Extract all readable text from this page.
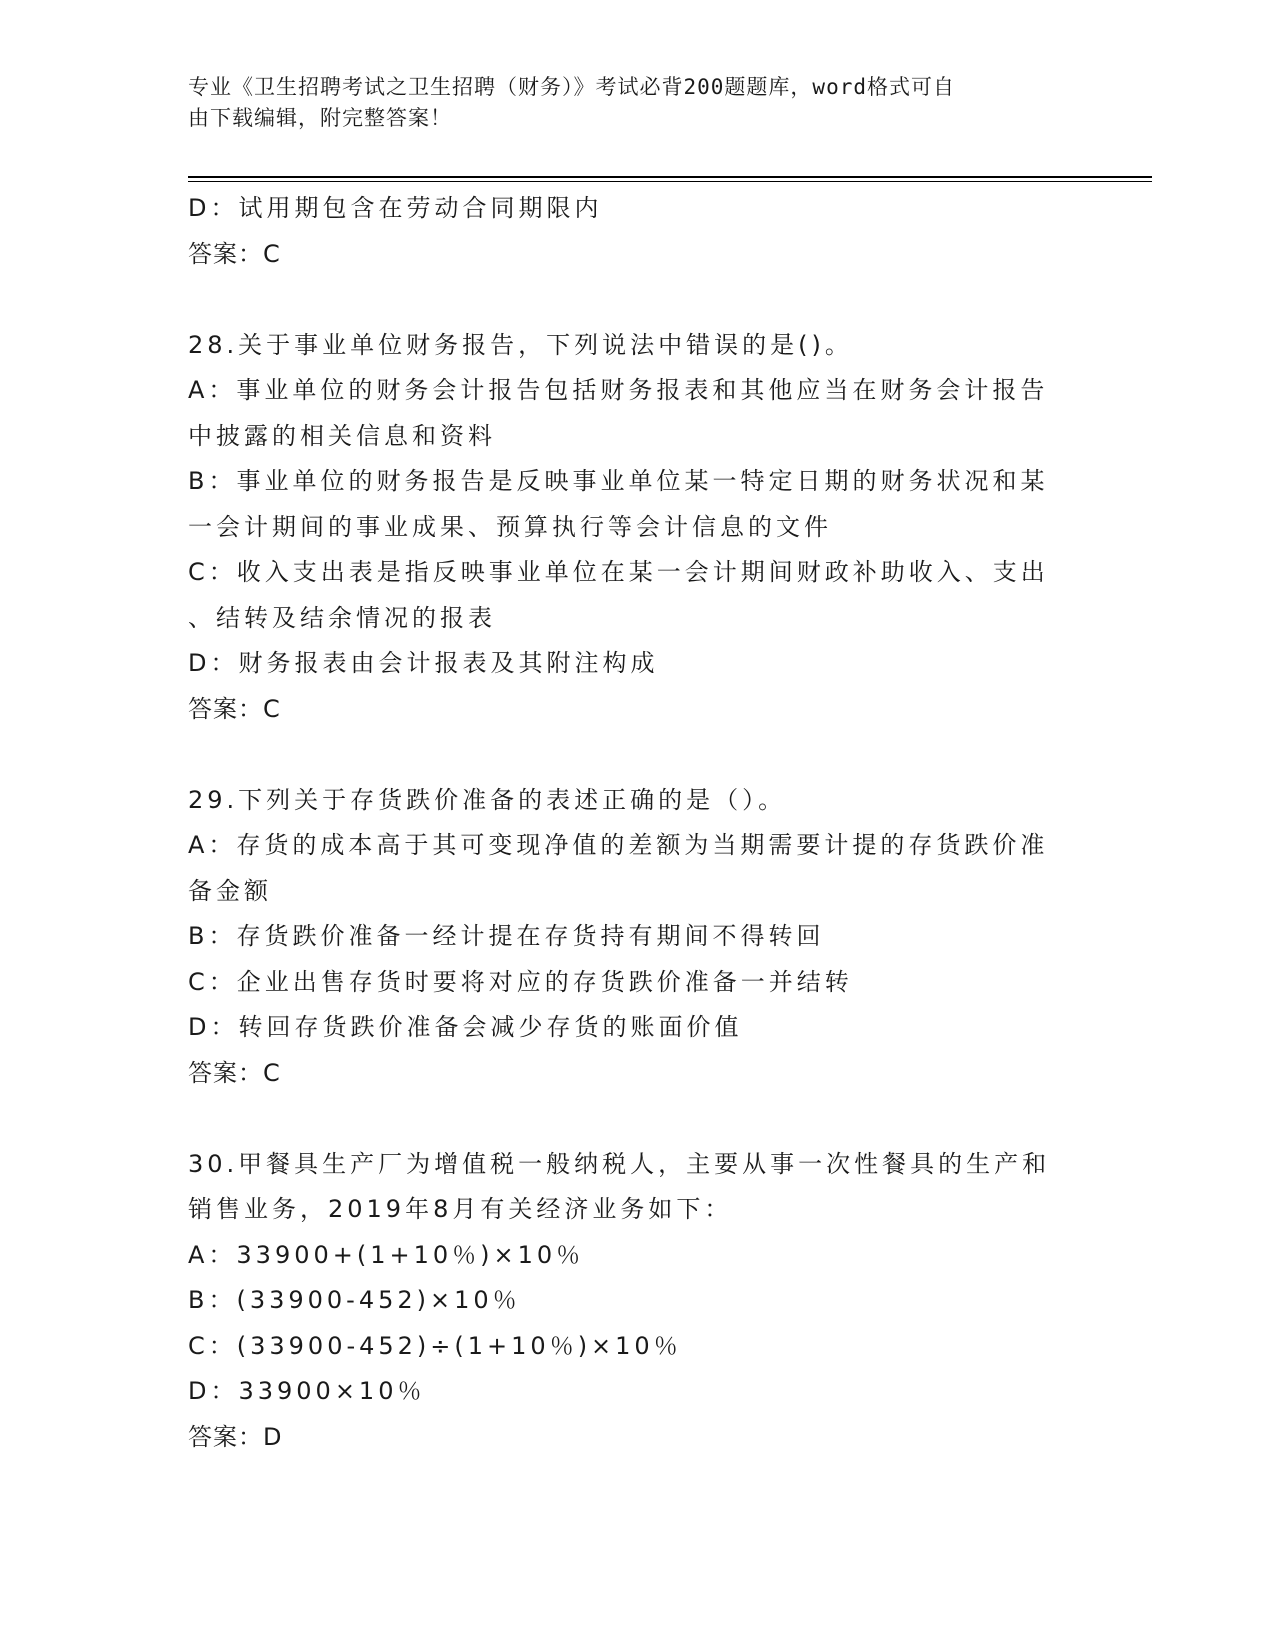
专业《卫生招聘考试之卫生招聘（财务）》考试必背200题题库，word格式可自
由下载编辑，附完整答案！
D：试用期包含在劳动合同期限内
答案：C
28.关于事业单位财务报告，下列说法中错误的是()。
A：事业单位的财务会计报告包括财务报表和其他应当在财务会计报告
中披露的相关信息和资料
B：事业单位的财务报告是反映事业单位某一特定日期的财务状况和某
一会计期间的事业成果、预算执行等会计信息的文件
C：收入支出表是指反映事业单位在某一会计期间财政补助收入、支出
、结转及结余情况的报表
D：财务报表由会计报表及其附注构成
答案：C
29.下列关于存货跌价准备的表述正确的是（）。
A：存货的成本高于其可变现净值的差额为当期需要计提的存货跌价准
备金额
B：存货跌价准备一经计提在存货持有期间不得转回
C：企业出售存货时要将对应的存货跌价准备一并结转
D：转回存货跌价准备会减少存货的账面价值
答案：C
30.甲餐具生产厂为增值税一般纳税人，主要从事一次性餐具的生产和
销售业务，2019年8月有关经济业务如下：
A：33900+(1+10％)×10％
B：(33900-452)×10％
C：(33900-452)÷(1+10％)×10％
D：33900×10％
答案：D
